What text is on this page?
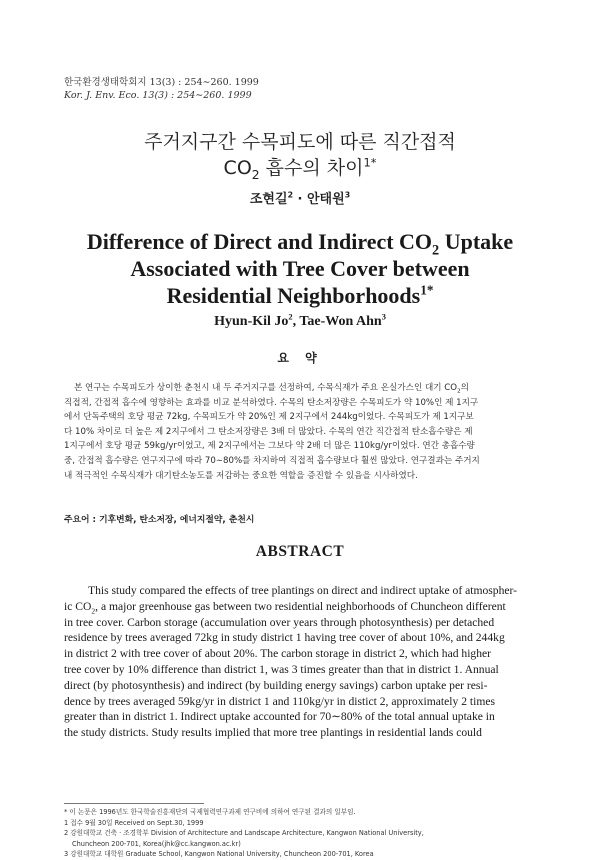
한국환경생태학회지 13(3) : 254∼260. 1999
Kor. J. Env. Eco. 13(3) : 254∼260. 1999
주거지구간 수목피도에 따른 직간접적
$CO_2$ 흡수의 차이$^{1*}$
조현길$^2$ · 안태원$^3$
Difference of Direct and Indirect $CO_2$ Uptake
Associated with Tree Cover between
Residential Neighborhoods$^{1*}$
Hyun-Kil Jo$^2$, Tae-Won Ahn$^3$
요 약
본 연구는 수목피도가 상이한 춘천시 내 두 주거지구를 선정하여, 수목식재가 주요 온실가스인 대기 $CO_2$의
직접적, 간접적 흡수에 영향하는 효과를 비교 분석하였다. 수목의 탄소저장량은 수목피도가 약 10%인 제 1지구
에서 단독주택의 호당 평균 72kg, 수목피도가 약 20%인 제 2지구에서 244kg이었다. 수목피도가 제 1지구보
다 10% 차이로 더 높은 제 2지구에서 그 탄소저장량은 3배 더 많았다. 수목의 연간 직간접적 탄소흡수량은 제
1지구에서 호당 평균 59kg/yr이었고, 제 2지구에서는 그보다 약 2배 더 많은 110kg/yr이었다. 연간 총흡수량
중, 간접적 흡수량은 연구지구에 따라 70∼80%를 차지하여 직접적 흡수량보다 훨씬 많았다. 연구결과는 주거지
내 적극적인 수목식재가 대기탄소농도를 저감하는 중요한 역할을 증진할 수 있음을 시사하였다.
주요어 : 기후변화, 탄소저장, 에너지절약, 춘천시
ABSTRACT
This study compared the effects of tree plantings on direct and indirect uptake of atmospher-
ic $CO_2$, a major greenhouse gas between two residential neighborhoods of Chuncheon different
in tree cover. Carbon storage (accumulation over years through photosynthesis) per detached
residence by trees averaged 72kg in study district 1 having tree cover of about 10%, and 244kg
in district 2 with tree cover of about 20%. The carbon storage in district 2, which had higher
tree cover by 10% difference than district 1, was 3 times greater than that in district 1. Annual
direct (by photosynthesis) and indirect (by building energy savings) carbon uptake per resi-
dence by trees averaged 59kg/yr in district 1 and 110kg/yr in distict 2, approximately 2 times
greater than in district 1. Indirect uptake accounted for 70∼80% of the total annual uptake in
the study districts. Study results implied that more tree plantings in residential lands could
* 이 논문은 1996년도 한국학술진흥재단의 국제협력연구과제 연구비에 의하여 연구된 결과의 일부임.
1 접수 9월 30일 Received on Sept.30, 1999
2 강원대학교 건축 · 조경학부 Division of Architecture and Landscape Architecture, Kangwon National University,
Chuncheon 200-701, Korea(jhk@cc.kangwon.ac.kr)
3 강원대학교 대학원 Graduate School, Kangwon National University, Chuncheon 200-701, Korea
